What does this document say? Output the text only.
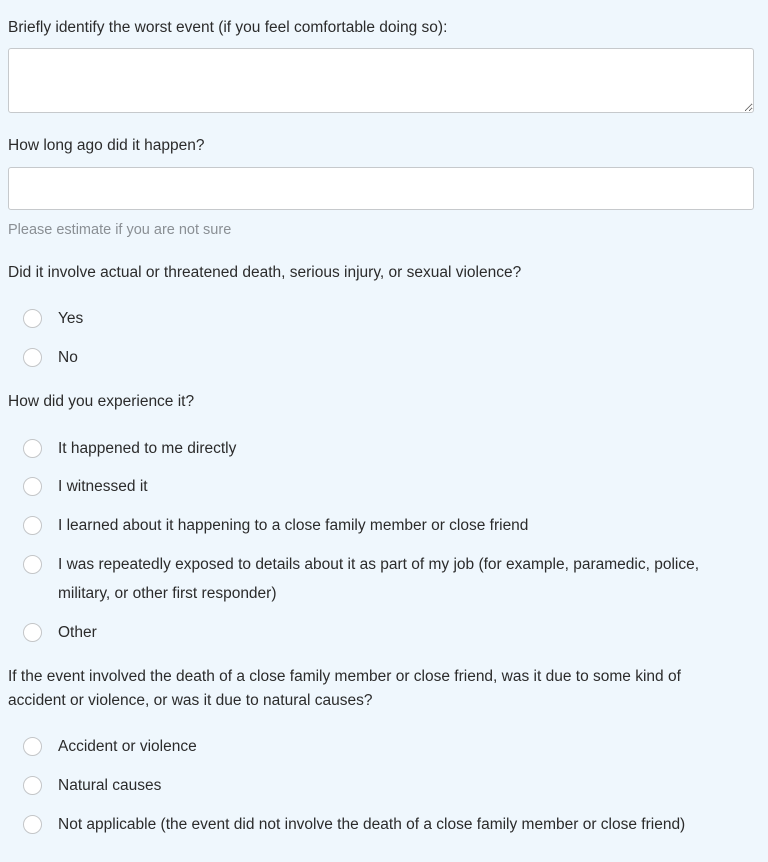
Briefly identify the worst event (if you feel comfortable doing so):
How long ago did it happen?
Please estimate if you are not sure
Did it involve actual or threatened death, serious injury, or sexual violence?
Yes
No
How did you experience it?
It happened to me directly
I witnessed it
I learned about it happening to a close family member or close friend
I was repeatedly exposed to details about it as part of my job (for example, paramedic, police, military, or other first responder)
Other
If the event involved the death of a close family member or close friend, was it due to some kind of accident or violence, or was it due to natural causes?
Accident or violence
Natural causes
Not applicable (the event did not involve the death of a close family member or close friend)
